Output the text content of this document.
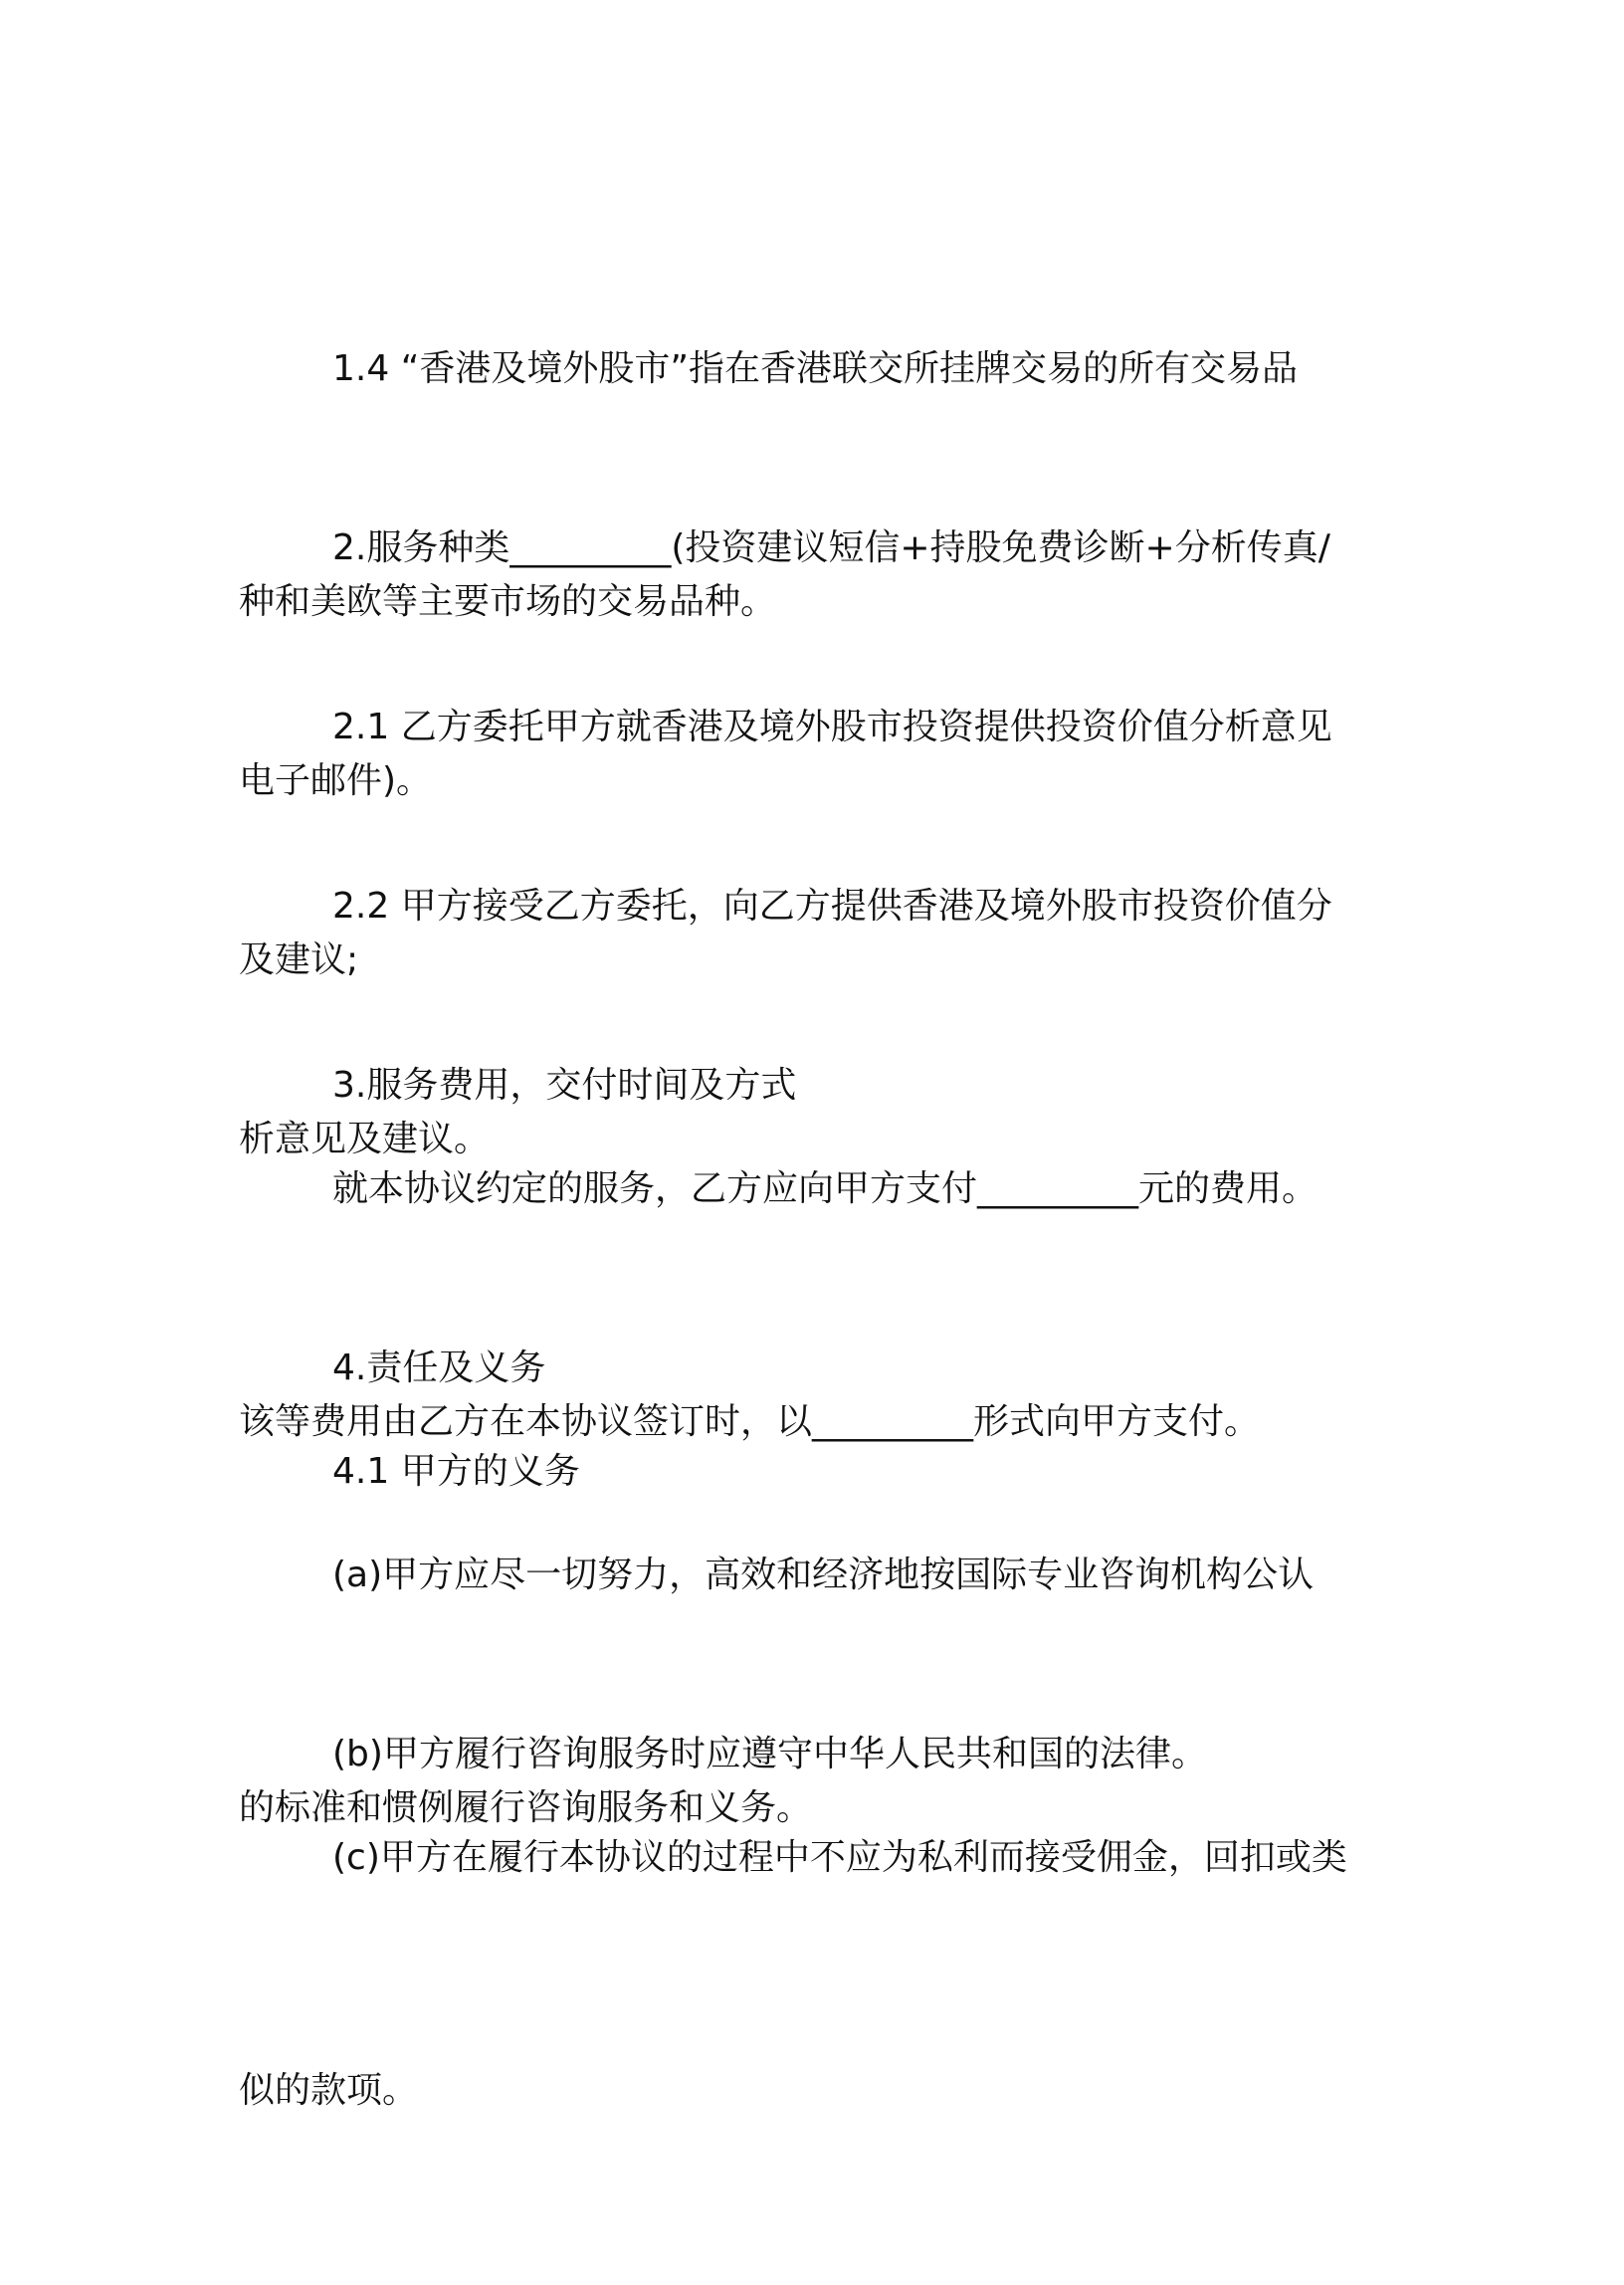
1.4 “香港及境外股市”指在香港联交所挂牌交易的所有交易品

种和美欧等主要市场的交易品种。

2.服务种类_________(投资建议短信+持股免费诊断+分析传真/

电子邮件)。

2.1 乙方委托甲方就香港及境外股市投资提供投资价值分析意见

及建议;

2.2 甲方接受乙方委托，向乙方提供香港及境外股市投资价值分

析意见及建议。

3.服务费用，交付时间及方式

就本协议约定的服务，乙方应向甲方支付_________元的费用。

该等费用由乙方在本协议签订时，以_________形式向甲方支付。

4.责任及义务

4.1 甲方的义务

(a)甲方应尽一切努力，高效和经济地按国际专业咨询机构公认

的标准和惯例履行咨询服务和义务。

(b)甲方履行咨询服务时应遵守中华人民共和国的法律。

(c)甲方在履行本协议的过程中不应为私利而接受佣金，回扣或类

似的款项。
